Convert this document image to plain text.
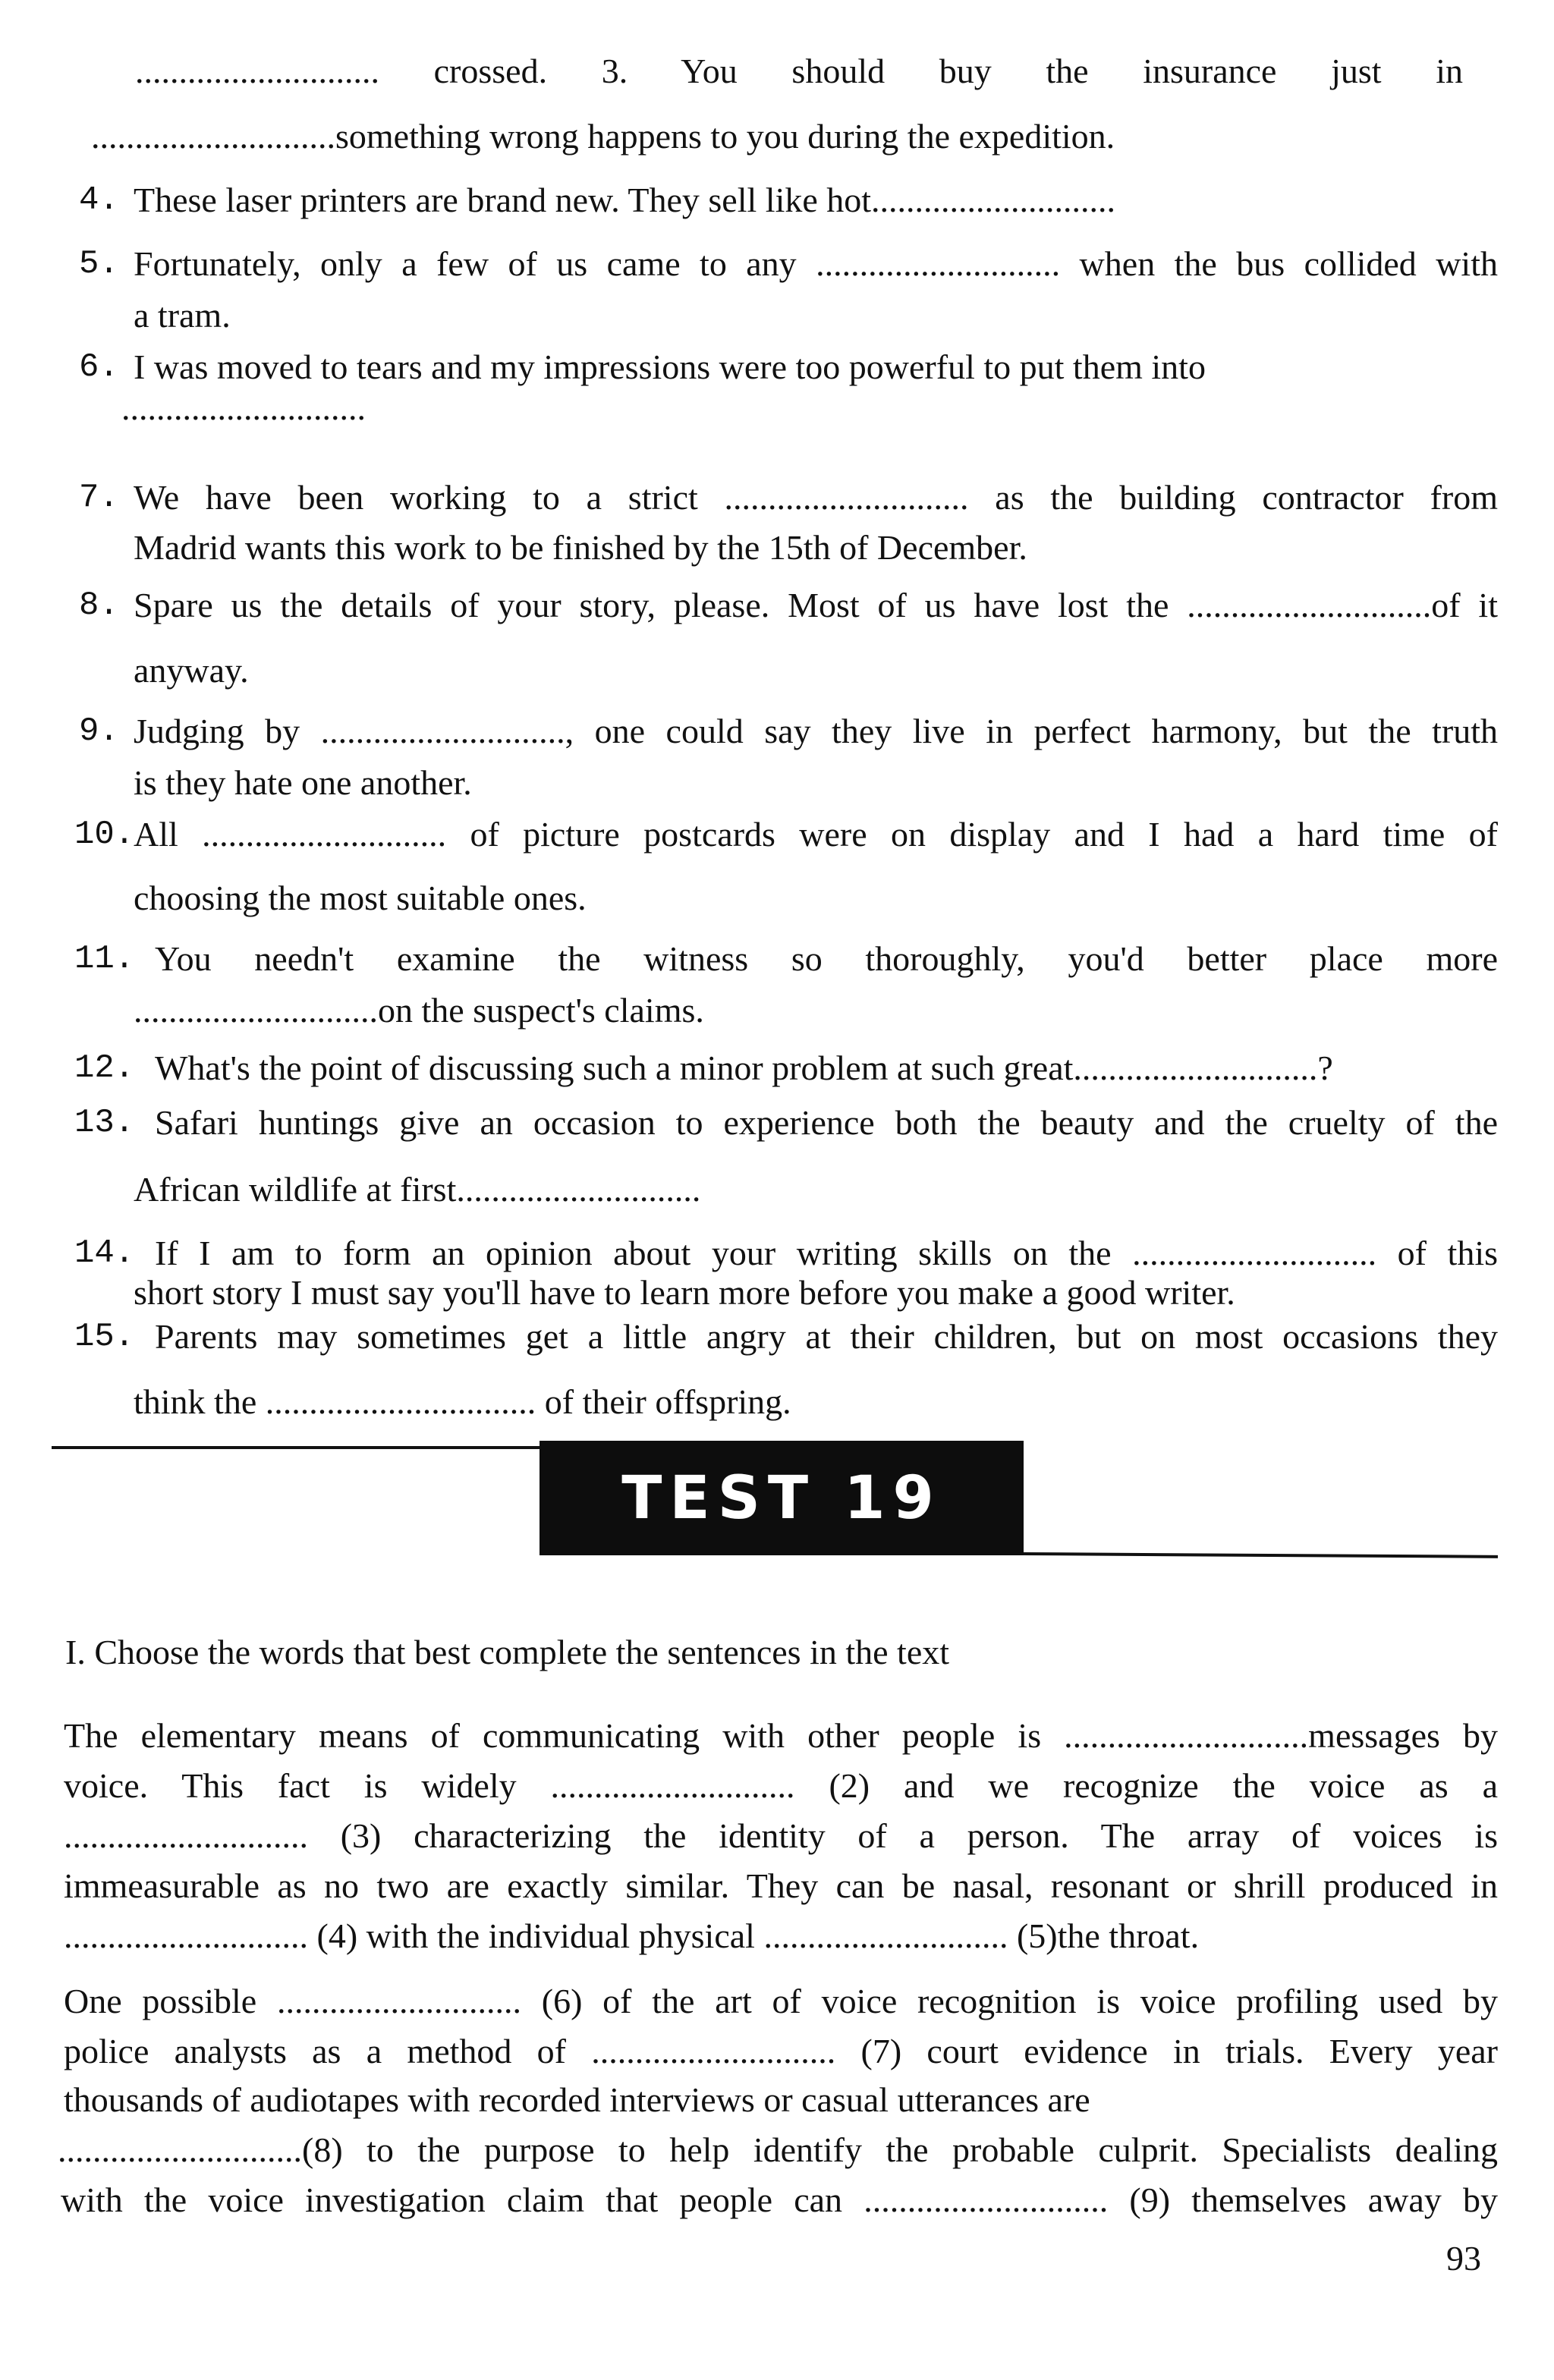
............................ crossed. 3. You should buy the insurance just in
............................something wrong happens to you during the expedition.
4. These laser printers are brand new. They sell like hot............................
5. Fortunately, only a few of us came to any ............................ when the bus collided with
a tram.
6. I was moved to tears and my impressions were too powerful to put them into
............................
7. We have been working to a strict ............................ as the building contractor from
Madrid wants this work to be finished by the 15th of December.
8. Spare us the details of your story, please. Most of us have lost the ............................of it
anyway.
9. Judging by ............................, one could say they live in perfect harmony, but the truth
is they hate one another.
10.
All ............................ of picture postcards were on display and I had a hard time of
choosing the most suitable ones.
11. You needn't examine the witness so thoroughly, you'd better place more
............................on the suspect's claims.
12. What's the point of discussing such a minor problem at such great............................?
13. Safari huntings give an occasion to experience both the beauty and the cruelty of the
African wildlife at first............................
14. If I am to form an opinion about your writing skills on the ............................ of this
short story I must say you'll have to learn more before you make a good writer.
15. Parents may sometimes get a little angry at their children, but on most occasions they
think the ............................... of their offspring.
TEST 19
I. Choose the words that best complete the sentences in the text
The elementary means of communicating with other people is ............................messages by
voice. This fact is widely ............................ (2) and we recognize the voice as a
............................ (3) characterizing the identity of a person. The array of voices is
immeasurable as no two are exactly similar. They can be nasal, resonant or shrill produced in
............................ (4) with the individual physical ............................ (5)the throat.
One possible ............................ (6) of the art of voice recognition is voice profiling used by
police analysts as a method of ............................ (7) court evidence in trials. Every year
thousands of audiotapes with recorded interviews or casual utterances are
............................(8) to the purpose to help identify the probable culprit. Specialists dealing
with the voice investigation claim that people can ............................ (9) themselves away by
93
